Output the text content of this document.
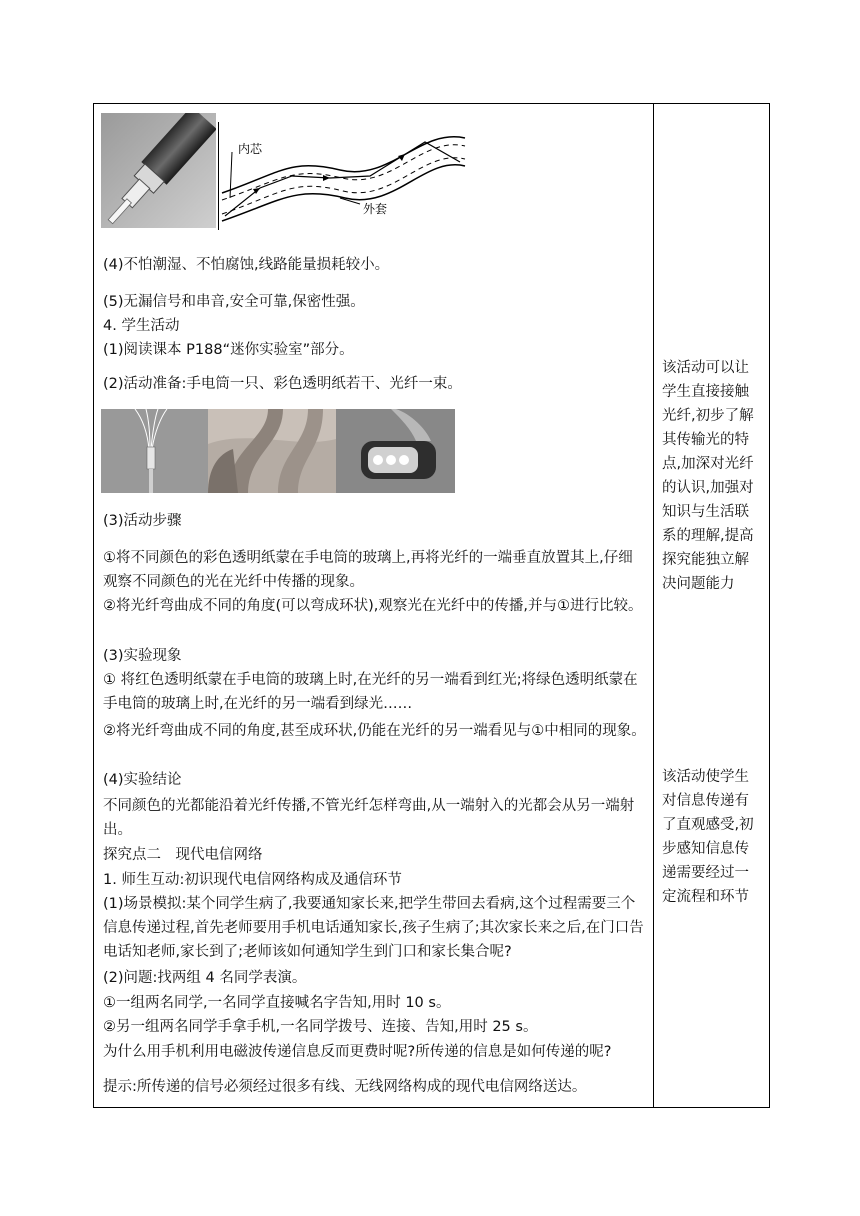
内芯
外套
(4)不怕潮湿、不怕腐蚀,线路能量损耗较小。
(5)无漏信号和串音,安全可靠,保密性强。
4. 学生活动
(1)阅读课本 P188“迷你实验室”部分。
(2)活动准备:手电筒一只、彩色透明纸若干、光纤一束。
(3)活动步骤
①将不同颜色的彩色透明纸蒙在手电筒的玻璃上,再将光纤的一端垂直放置其上,仔细观察不同颜色的光在光纤中传播的现象。
②将光纤弯曲成不同的角度(可以弯成环状),观察光在光纤中的传播,并与①进行比较。
(3)实验现象
① 将红色透明纸蒙在手电筒的玻璃上时,在光纤的另一端看到红光;将绿色透明纸蒙在手电筒的玻璃上时,在光纤的另一端看到绿光……
②将光纤弯曲成不同的角度,甚至成环状,仍能在光纤的另一端看见与①中相同的现象。
(4)实验结论
不同颜色的光都能沿着光纤传播,不管光纤怎样弯曲,从一端射入的光都会从另一端射出。
探究点二　现代电信网络
1. 师生互动:初识现代电信网络构成及通信环节
(1)场景模拟:某个同学生病了,我要通知家长来,把学生带回去看病,这个过程需要三个信息传递过程,首先老师要用手机电话通知家长,孩子生病了;其次家长来之后,在门口告电话知老师,家长到了;老师该如何通知学生到门口和家长集合呢?
(2)问题:找两组 4 名同学表演。
①一组两名同学,一名同学直接喊名字告知,用时 10 s。
②另一组两名同学手拿手机,一名同学拨号、连接、告知,用时 25 s。
为什么用手机利用电磁波传递信息反而更费时呢?所传递的信息是如何传递的呢?
提示:所传递的信号必须经过很多有线、无线网络构成的现代电信网络送达。
该活动可以让学生直接接触光纤,初步了解其传输光的特点,加深对光纤的认识,加强对知识与生活联系的理解,提高探究能独立解决问题能力
该活动使学生对信息传递有了直观感受,初步感知信息传递需要经过一定流程和环节
